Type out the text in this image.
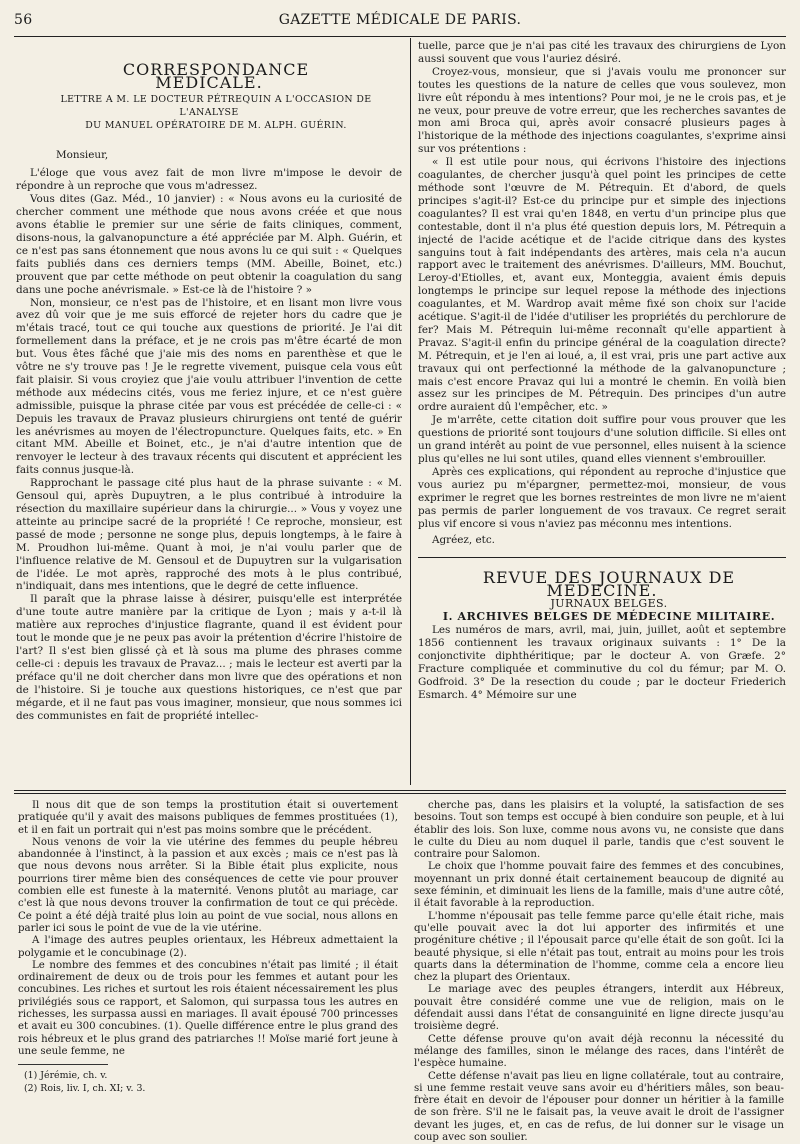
56	GAZETTE MÉDICALE DE PARIS.

CORRESPONDANCE MÉDICALE.

LETTRE A M. LE DOCTEUR PÉTREQUIN A L'OCCASION DE L'ANALYSE

DU MANUEL OPÉRATOIRE DE M. ALPH. GUÉRIN.

Monsieur,

L'éloge que vous avez fait de mon livre m'impose le devoir de répondre à un reproche que vous m'adressez.

Vous dites (Gaz. Méd., 10 janvier) : « Nous avons eu la curiosité de chercher comment une méthode que nous avons créée et que nous avons établie le premier sur une série de faits cliniques, comment, disons-nous, la galvanopuncture a été appréciée par M. Alph. Guérin, et ce n'est pas sans étonnement que nous avons lu ce qui suit : « Quelques faits publiés dans ces derniers temps (MM. Abeille, Boinet, etc.) prouvent que par cette méthode on peut obtenir la coagulation du sang dans une poche anévrismale. » Est-ce là de l'histoire ? »

Non, monsieur, ce n'est pas de l'histoire, et en lisant mon livre vous avez dû voir que je me suis efforcé de rejeter hors du cadre que je m'étais tracé, tout ce qui touche aux questions de priorité. Je l'ai dit formellement dans la préface, et je ne crois pas m'être écarté de mon but. Vous êtes fâché que j'aie mis des noms en parenthèse et que le vôtre ne s'y trouve pas ! Je le regrette vivement, puisque cela vous eût fait plaisir. Si vous croyiez que j'aie voulu attribuer l'invention de cette méthode aux médecins cités, vous me feriez injure, et ce n'est guère admissible, puisque la phrase citée par vous est précédée de celle-ci : « Depuis les travaux de Pravaz plusieurs chirurgiens ont tenté de guérir les anévrismes au moyen de l'électropuncture. Quelques faits, etc. » En citant MM. Abeille et Boinet, etc., je n'ai d'autre intention que de renvoyer le lecteur à des travaux récents qui discutent et apprécient les faits connus jusque-là.

Rapprochant le passage cité plus haut de la phrase suivante : « M. Gensoul qui, après Dupuytren, a le plus contribué à introduire la résection du maxillaire supérieur dans la chirurgie... » Vous y voyez une atteinte au principe sacré de la propriété ! Ce reproche, monsieur, est passé de mode ; personne ne songe plus, depuis longtemps, à le faire à M. Proudhon lui-même. Quant à moi, je n'ai voulu parler que de l'influence relative de M. Gensoul et de Dupuytren sur la vulgarisation de l'idée. Le mot après, rapproché des mots à le plus contribué, n'indiquait, dans mes intentions, que le degré de cette influence.

Il paraît que la phrase laisse à désirer, puisqu'elle est interprétée d'une toute autre manière par la critique de Lyon ; mais y a-t-il là matière aux reproches d'injustice flagrante, quand il est évident pour tout le monde que je ne peux pas avoir la prétention d'écrire l'histoire de l'art? Il s'est bien glissé çà et là sous ma plume des phrases comme celle-ci : depuis les travaux de Pravaz... ; mais le lecteur est averti par la préface qu'il ne doit chercher dans mon livre que des opérations et non de l'histoire. Si je touche aux questions historiques, ce n'est que par mégarde, et il ne faut pas vous imaginer, monsieur, que nous sommes ici des communistes en fait de propriété intellec-

tuelle, parce que je n'ai pas cité les travaux des chirurgiens de Lyon aussi souvent que vous l'auriez désiré.

Croyez-vous, monsieur, que si j'avais voulu me prononcer sur toutes les questions de la nature de celles que vous soulevez, mon livre eût répondu à mes intentions? Pour moi, je ne le crois pas, et je ne veux, pour preuve de votre erreur, que les recherches savantes de mon ami Broca qui, après avoir consacré plusieurs pages à l'historique de la méthode des injections coagulantes, s'exprime ainsi sur vos prétentions :

« Il est utile pour nous, qui écrivons l'histoire des injections coagulantes, de chercher jusqu'à quel point les principes de cette méthode sont l'œuvre de M. Pétrequin. Et d'abord, de quels principes s'agit-il? Est-ce du principe pur et simple des injections coagulantes? Il est vrai qu'en 1848, en vertu d'un principe plus que contestable, dont il n'a plus été question depuis lors, M. Pétrequin a injecté de l'acide acétique et de l'acide citrique dans des kystes sanguins tout à fait indépendants des artères, mais cela n'a aucun rapport avec le traitement des anévrismes. D'ailleurs, MM. Bouchut, Leroy-d'Etiolles, et, avant eux, Monteggia, avaient émis depuis longtemps le principe sur lequel repose la méthode des injections coagulantes, et M. Wardrop avait même fixé son choix sur l'acide acétique. S'agit-il de l'idée d'utiliser les propriétés du perchlorure de fer? Mais M. Pétrequin lui-même reconnaît qu'elle appartient à Pravaz. S'agit-il enfin du principe général de la coagulation directe? M. Pétrequin, et je l'en ai loué, a, il est vrai, pris une part active aux travaux qui ont perfectionné la méthode de la galvanopuncture ; mais c'est encore Pravaz qui lui a montré le chemin. En voilà bien assez sur les principes de M. Pétrequin. Des principes d'un autre ordre auraient dû l'empêcher, etc. »

Je m'arrête, cette citation doit suffire pour vous prouver que les questions de priorité sont toujours d'une solution difficile. Si elles ont un grand intérêt au point de vue personnel, elles nuisent à la science plus qu'elles ne lui sont utiles, quand elles viennent s'embrouiller.

Après ces explications, qui répondent au reproche d'injustice que vous auriez pu m'épargner, permettez-moi, monsieur, de vous exprimer le regret que les bornes restreintes de mon livre ne m'aient pas permis de parler longuement de vos travaux. Ce regret serait plus vif encore si vous n'aviez pas méconnu mes intentions.

Agréez, etc.

REVUE DES JOURNAUX DE MÉDECINE.

JURNAUX BELGES.

I. ARCHIVES BELGES DE MÉDECINE MILITAIRE.

Les numéros de mars, avril, mai, juin, juillet, août et septembre 1856 contiennent les travaux originaux suivants : 1° De la conjonctivite diphthéritique; par le docteur A. von Græfe. 2° Fracture compliquée et comminutive du col du fémur; par M. O. Godfroid. 3° De la resection du coude ; par le docteur Friederich Esmarch. 4° Mémoire sur une

Il nous dit que de son temps la prostitution était si ouvertement pratiquée qu'il y avait des maisons publiques de femmes prostituées (1), et il en fait un portrait qui n'est pas moins sombre que le précédent.

Nous venons de voir la vie utérine des femmes du peuple hébreu abandonnée à l'instinct, à la passion et aux excès ; mais ce n'est pas là que nous devons nous arrêter. Si la Bible était plus explicite, nous pourrions tirer même bien des conséquences de cette vie pour prouver combien elle est funeste à la maternité. Venons plutôt au mariage, car c'est là que nous devons trouver la confirmation de tout ce qui précède. Ce point a été déjà traité plus loin au point de vue social, nous allons en parler ici sous le point de vue de la vie utérine.

A l'image des autres peuples orientaux, les Hébreux admettaient la polygamie et le concubinage (2).

Le nombre des femmes et des concubines n'était pas limité ; il était ordinairement de deux ou de trois pour les femmes et autant pour les concubines. Les riches et surtout les rois étaient nécessairement les plus privilégiés sous ce rapport, et Salomon, qui surpassa tous les autres en richesses, les surpassa aussi en mariages. Il avait épousé 700 princesses et avait eu 300 concubines. (1). Quelle différence entre le plus grand des rois hébreux et le plus grand des patriarches !! Moïse marié fort jeune à une seule femme, ne

(1) Jérémie, ch. v.
(2) Rois, liv. I, ch. XI; v. 3.

cherche pas, dans les plaisirs et la volupté, la satisfaction de ses besoins. Tout son temps est occupé à bien conduire son peuple, et à lui établir des lois. Son luxe, comme nous avons vu, ne consiste que dans le culte du Dieu au nom duquel il parle, tandis que c'est souvent le contraire pour Salomon.

Le choix que l'homme pouvait faire des femmes et des concubines, moyennant un prix donné était certainement beaucoup de dignité au sexe féminin, et diminuait les liens de la famille, mais d'une autre côté, il était favorable à la reproduction.

L'homme n'épousait pas telle femme parce qu'elle était riche, mais qu'elle pouvait avec la dot lui apporter des infirmités et une progéniture chétive ; il l'épousait parce qu'elle était de son goût. Ici la beauté physique, si elle n'était pas tout, entrait au moins pour les trois quarts dans la détermination de l'homme, comme cela a encore lieu chez la plupart des Orientaux.

Le mariage avec des peuples étrangers, interdit aux Hébreux, pouvait être considéré comme une vue de religion, mais on le défendait aussi dans l'état de consanguinité en ligne directe jusqu'au troisième degré.

Cette défense prouve qu'on avait déjà reconnu la nécessité du mélange des familles, sinon le mélange des races, dans l'intérêt de l'espèce humaine.

Cette défense n'avait pas lieu en ligne collatérale, tout au contraire, si une femme restait veuve sans avoir eu d'héritiers mâles, son beau-frère était en devoir de l'épouser pour donner un héritier à la famille de son frère. S'il ne le faisait pas, la veuve avait le droit de l'assigner devant les juges, et, en cas de refus, de lui donner sur le visage un coup avec son soulier.
